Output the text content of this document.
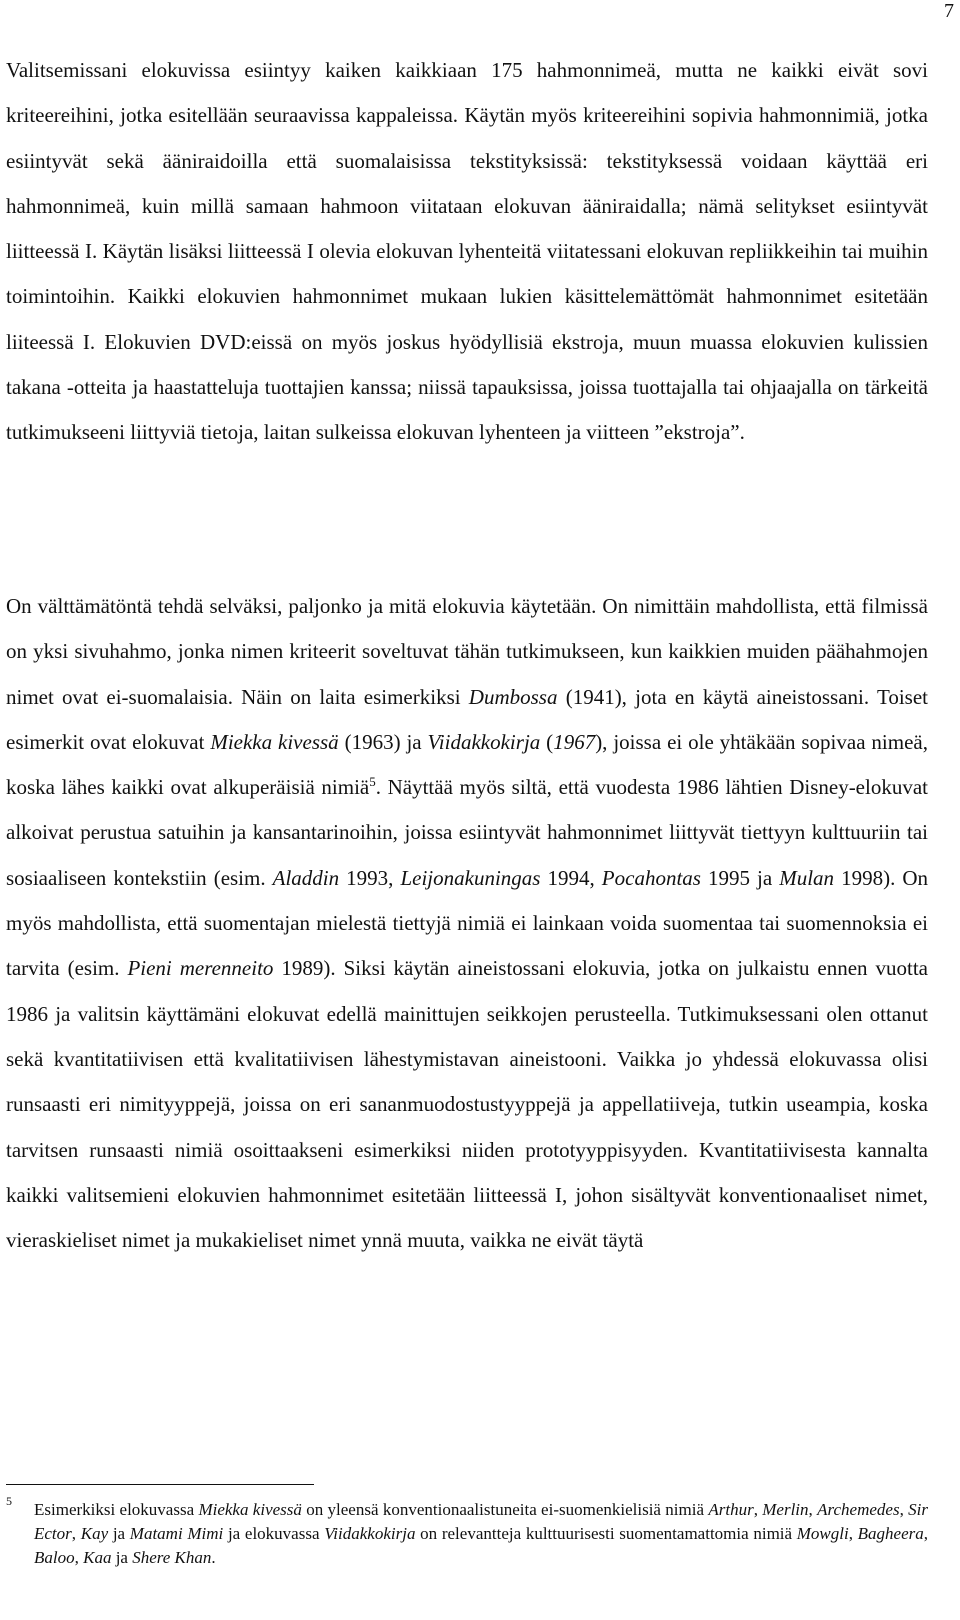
7

Valitsemissani elokuvissa esiintyy kaiken kaikkiaan 175 hahmonnimeä, mutta ne kaikki eivät sovi kriteereihini, jotka esitellään seuraavissa kappaleissa. Käytän myös kriteereihini sopivia hahmonnimiä, jotka esiintyvät sekä ääniraidoilla että suomalaisissa tekstityksissä: tekstityksessä voidaan käyttää eri hahmonnimeä, kuin millä samaan hahmoon viitataan elokuvan ääniraidalla; nämä selitykset esiintyvät liitteessä I. Käytän lisäksi liitteessä I olevia elokuvan lyhenteitä viitatessani elokuvan repliikkeihin tai muihin toimintoihin. Kaikki elokuvien hahmonnimet mukaan lukien käsittelemättömät hahmonnimet esitetään liiteessä I. Elokuvien DVD:eissä on myös joskus hyödyllisiä ekstroja, muun muassa elokuvien kulissien takana -otteita ja haastatteluja tuottajien kanssa; niissä tapauksissa, joissa tuottajalla tai ohjaajalla on tärkeitä tutkimukseeni liittyviä tietoja, laitan sulkeissa elokuvan lyhenteen ja viitteen ”ekstroja”.

On välttämätöntä tehdä selväksi, paljonko ja mitä elokuvia käytetään. On nimittäin mahdollista, että filmissä on yksi sivuhahmo, jonka nimen kriteerit soveltuvat tähän tutkimukseen, kun kaikkien muiden päähahmojen nimet ovat ei-suomalaisia. Näin on laita esimerkiksi Dumbossa (1941), jota en käytä aineistossani. Toiset esimerkit ovat elokuvat Miekka kivessä (1963) ja Viidakkokirja (1967), joissa ei ole yhtäkään sopivaa nimeä, koska lähes kaikki ovat alkuperäisiä nimiä$^5$. Näyttää myös siltä, että vuodesta 1986 lähtien Disney-elokuvat alkoivat perustua satuihin ja kansantarinoihin, joissa esiintyvät hahmonnimet liittyvät tiettyyn kulttuuriin tai sosiaaliseen kontekstiin (esim. Aladdin 1993, Leijonakuningas 1994, Pocahontas 1995 ja Mulan 1998). On myös mahdollista, että suomentajan mielestä tiettyjä nimiä ei lainkaan voida suomentaa tai suomennoksia ei tarvita (esim. Pieni merenneito 1989). Siksi käytän aineistossani elokuvia, jotka on julkaistu ennen vuotta 1986 ja valitsin käyttämäni elokuvat edellä mainittujen seikkojen perusteella. Tutkimuksessani olen ottanut sekä kvantitatiivisen että kvalitatiivisen lähestymistavan aineistooni. Vaikka jo yhdessä elokuvassa olisi runsaasti eri nimityyppejä, joissa on eri sananmuodostustyyppejä ja appellatiiveja, tutkin useampia, koska tarvitsen runsaasti nimiä osoittaakseni esimerkiksi niiden prototyyppisyyden. Kvantitatiivisesta kannalta kaikki valitsemieni elokuvien hahmonnimet esitetään liitteessä I, johon sisältyvät konventionaaliset nimet, vieraskieliset nimet ja mukakieliset nimet ynnä muuta, vaikka ne eivät täytä

5 Esimerkiksi elokuvassa Miekka kivessä on yleensä konventionaalistuneita ei-suomenkielisiä nimiä Arthur, Merlin, Archemedes, Sir Ector, Kay ja Matami Mimi ja elokuvassa Viidakkokirja on relevantteja kulttuurisesti suomentamattomia nimiä Mowgli, Bagheera, Baloo, Kaa ja Shere Khan.
